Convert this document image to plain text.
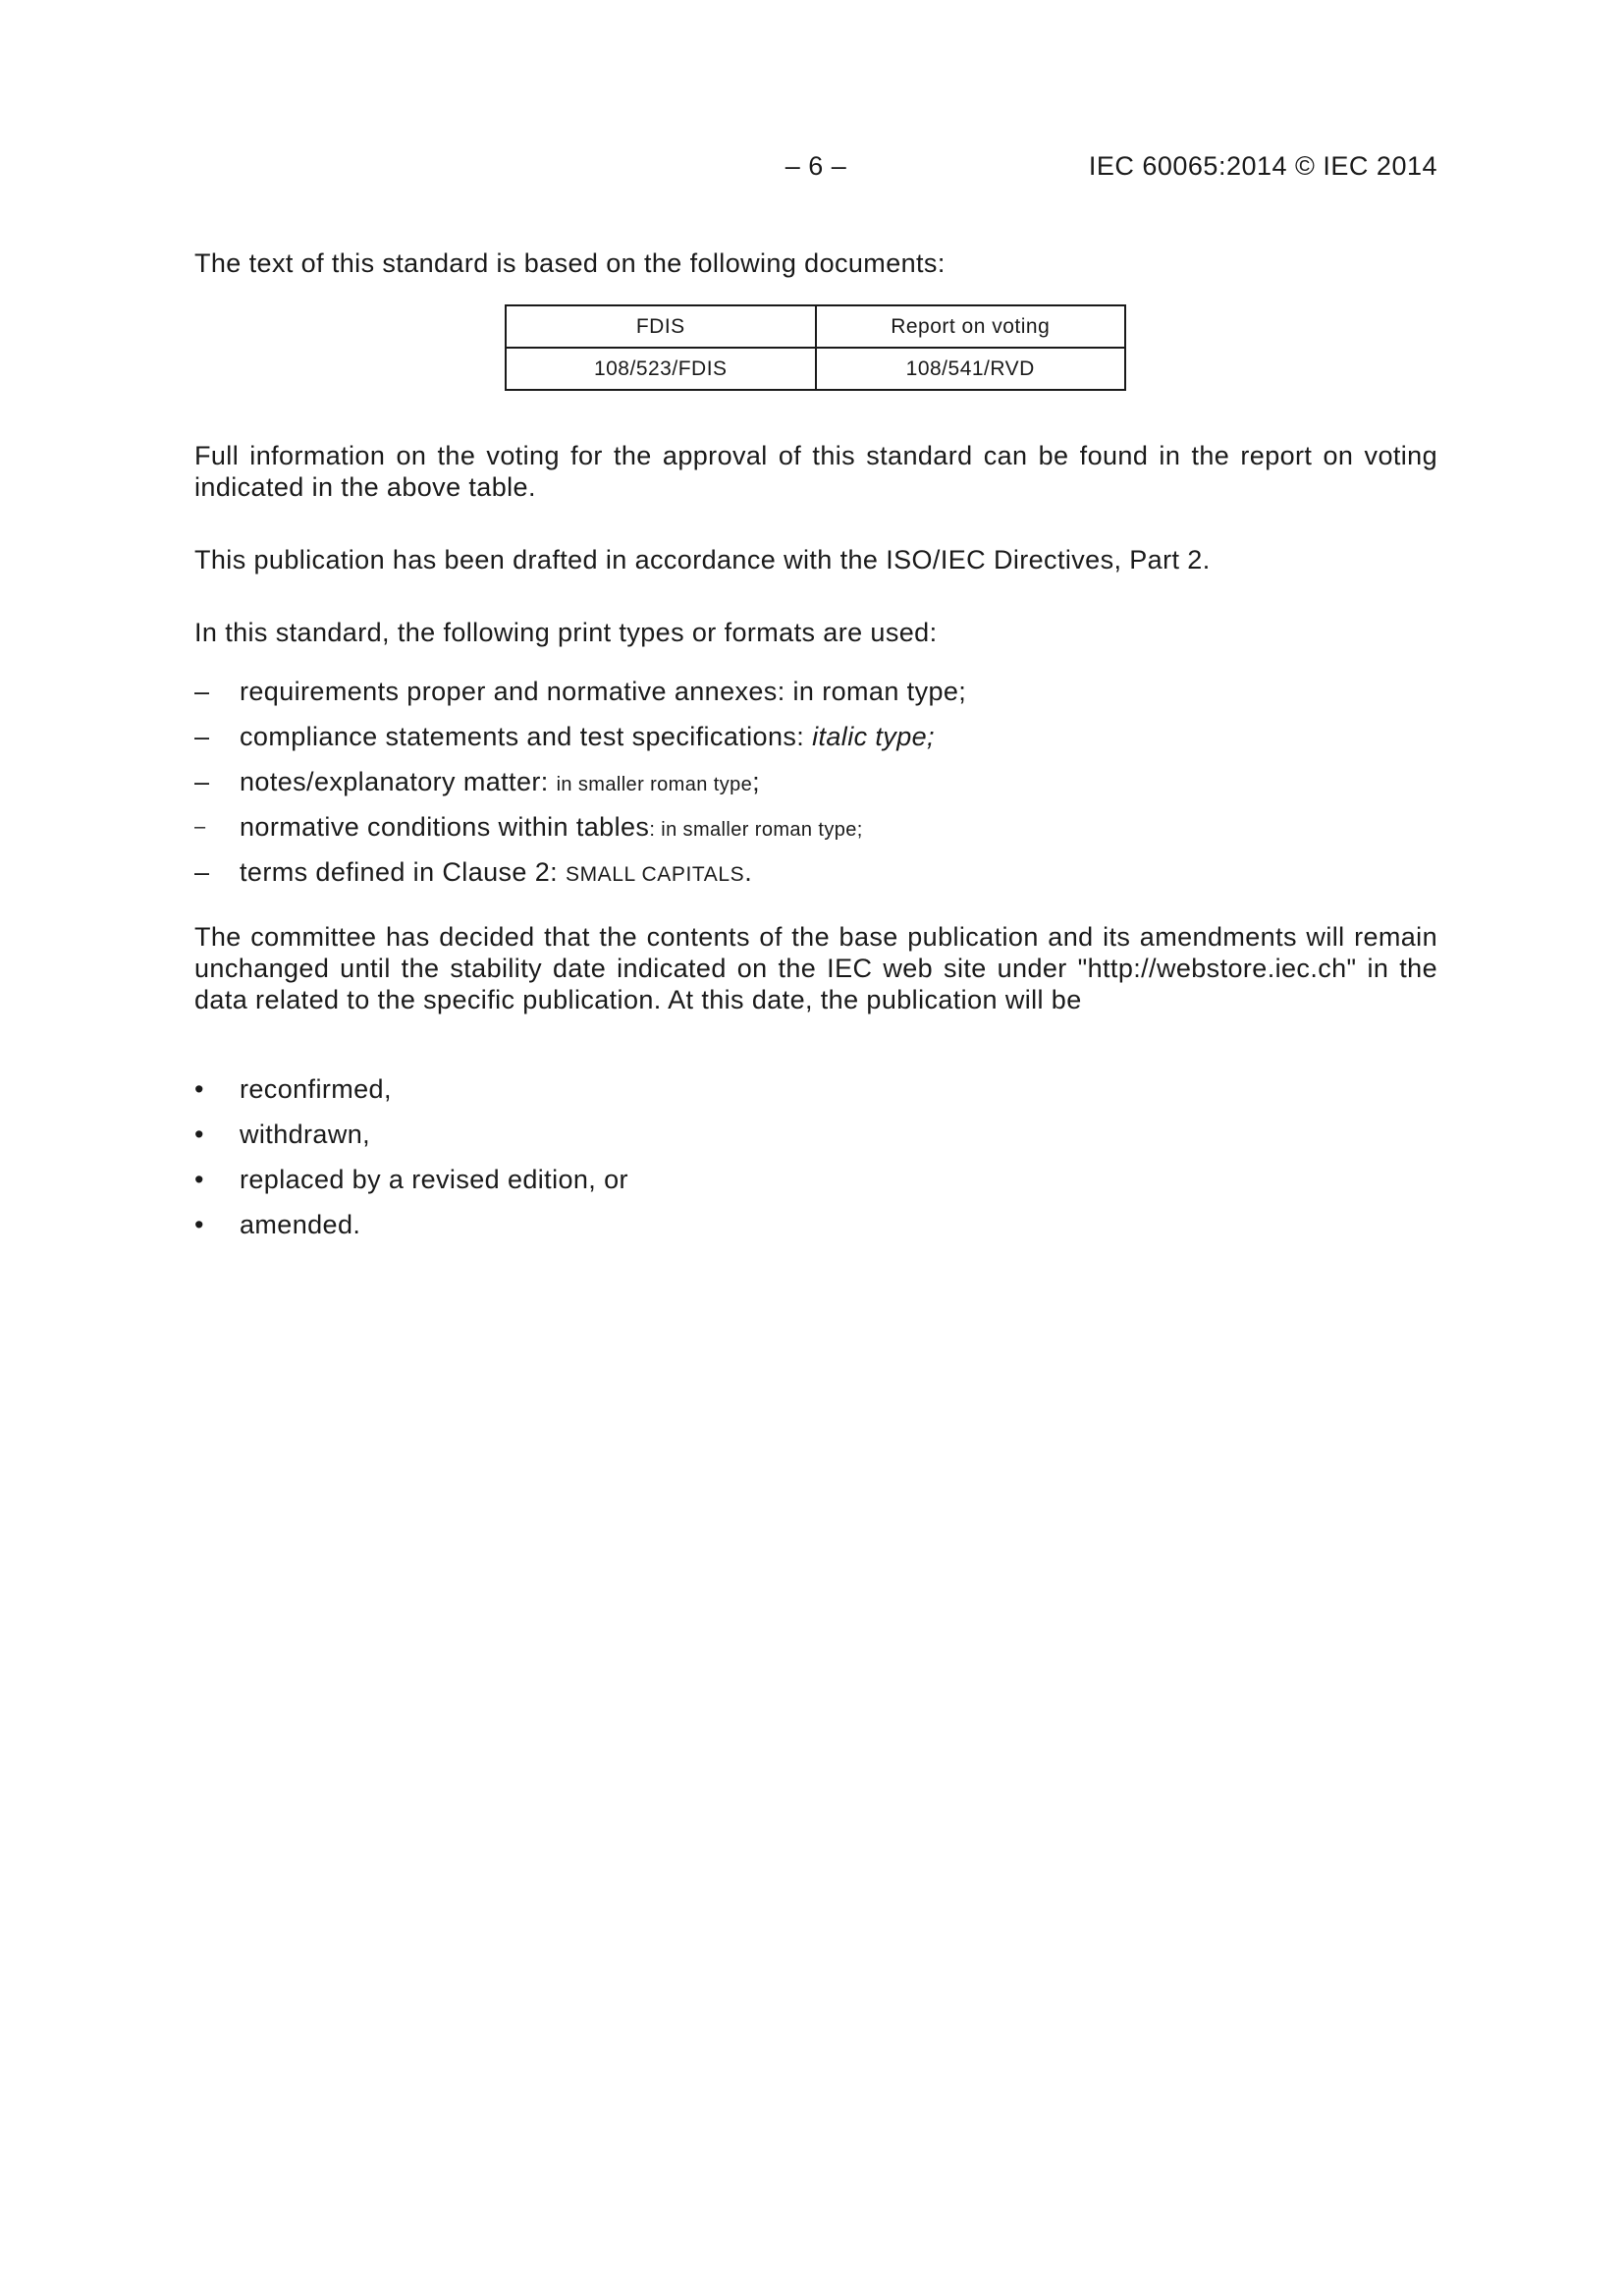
– 6 –	IEC 60065:2014 © IEC 2014

The text of this standard is based on the following documents:

FDIS	Report on voting
108/523/FDIS	108/541/RVD

Full information on the voting for the approval of this standard can be found in the report on voting indicated in the above table.

This publication has been drafted in accordance with the ISO/IEC Directives, Part 2.

In this standard, the following print types or formats are used:

– requirements proper and normative annexes: in roman type;
– compliance statements and test specifications: italic type;
– notes/explanatory matter: in smaller roman type;
– normative conditions within tables: in smaller roman type;
– terms defined in Clause 2: SMALL CAPITALS.

The committee has decided that the contents of the base publication and its amendments will remain unchanged until the stability date indicated on the IEC web site under "http://webstore.iec.ch" in the data related to the specific publication. At this date, the publication will be

• reconfirmed,
• withdrawn,
• replaced by a revised edition, or
• amended.
